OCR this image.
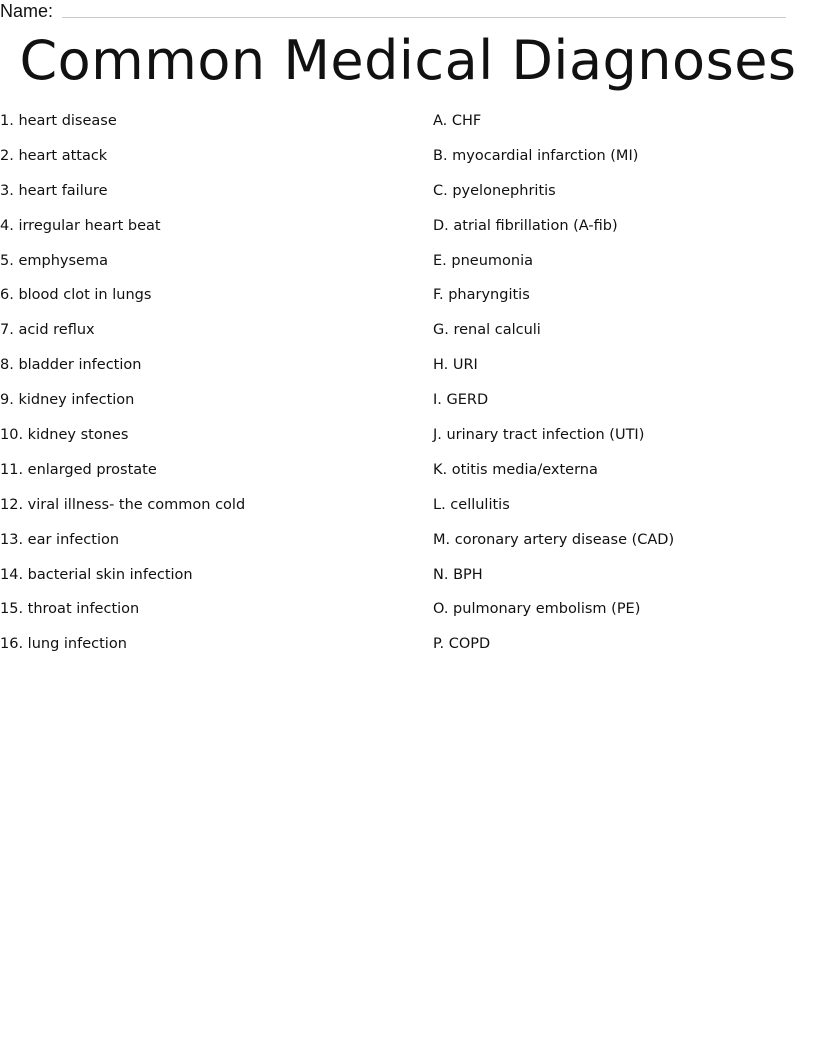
Name:
Common Medical Diagnoses
1. heart disease
2. heart attack
3. heart failure
4. irregular heart beat
5. emphysema
6. blood clot in lungs
7. acid reflux
8. bladder infection
9. kidney infection
10. kidney stones
11. enlarged prostate
12. viral illness- the common cold
13. ear infection
14. bacterial skin infection
15. throat infection
16. lung infection
A. CHF
B. myocardial infarction (MI)
C. pyelonephritis
D. atrial fibrillation (A-fib)
E. pneumonia
F. pharyngitis
G. renal calculi
H. URI
I. GERD
J. urinary tract infection (UTI)
K. otitis media/externa
L. cellulitis
M. coronary artery disease (CAD)
N. BPH
O. pulmonary embolism (PE)
P. COPD
